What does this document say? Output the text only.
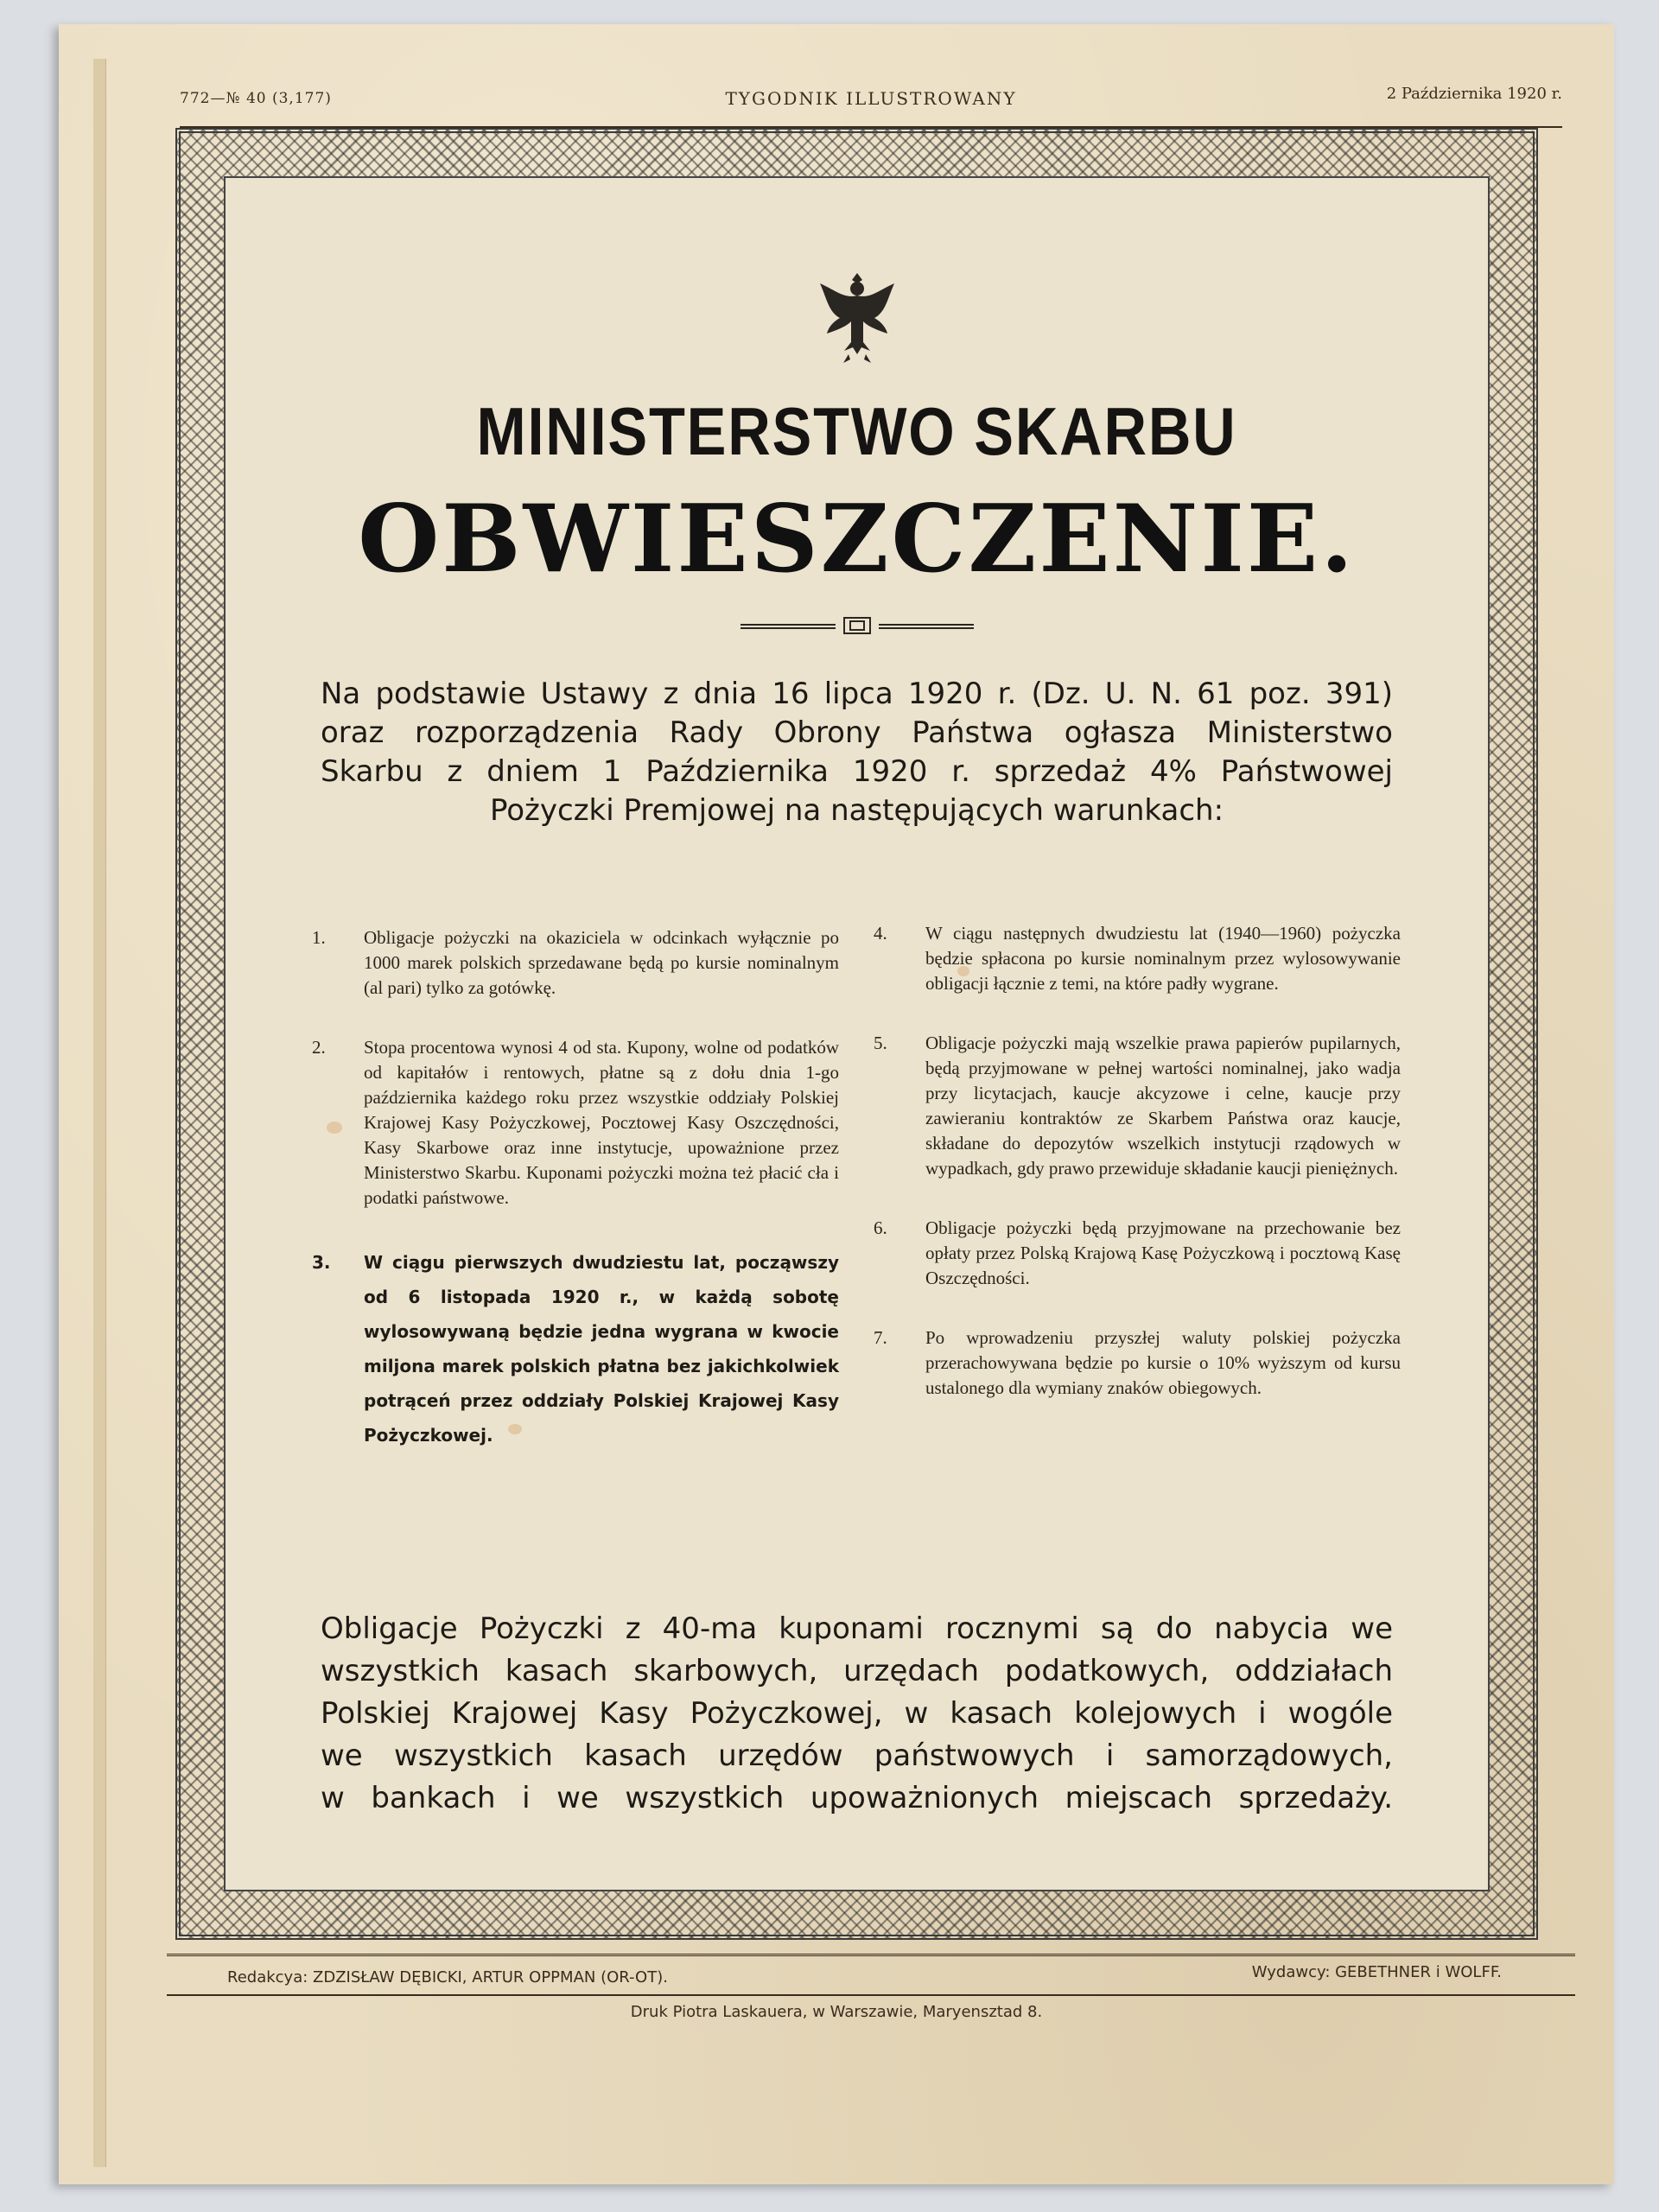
772—№ 40 (3,177)	TYGODNIK ILLUSTROWANY	2 Października 1920 r.
MINISTERSTWO SKARBU
OBWIESZCZENIE.
Na podstawie Ustawy z dnia 16 lipca 1920 r. (Dz. U. N. 61 poz. 391)
oraz rozporządzenia Rady Obrony Państwa ogłasza Ministerstwo
Skarbu z dniem 1 Października 1920 r. sprzedaż 4% Państwowej
Pożyczki Premjowej na następujących warunkach:
1.	Obligacje pożyczki na okaziciela w odcinkach wyłącznie po 1000 marek polskich sprzedawane będą po kursie nominalnym (al pari) tylko za gotówkę.
2.	Stopa procentowa wynosi 4 od sta. Kupony, wolne od podatków od kapitałów i rentowych, płatne są z dołu dnia 1-go października każdego roku przez wszystkie oddziały Polskiej Krajowej Kasy Pożyczkowej, Pocztowej Kasy Oszczędności, Kasy Skarbowe oraz inne instytucje, upoważnione przez Ministerstwo Skarbu. Kuponami pożyczki można też płacić cła i podatki państwowe.
3.	W ciągu pierwszych dwudziestu lat, począwszy od 6 listopada 1920 r., w każdą sobotę wylosowywaną będzie jedna wygrana w kwocie miljona marek polskich płatna bez jakichkolwiek potrąceń przez oddziały Polskiej Krajowej Kasy Pożyczkowej.
4.	W ciągu następnych dwudziestu lat (1940—1960) pożyczka będzie spłacona po kursie nominalnym przez wylosowywanie obligacji łącznie z temi, na które padły wygrane.
5.	Obligacje pożyczki mają wszelkie prawa papierów pupilarnych, będą przyjmowane w pełnej wartości nominalnej, jako wadja przy licytacjach, kaucje akcyzowe i celne, kaucje przy zawieraniu kontraktów ze Skarbem Państwa oraz kaucje, składane do depozytów wszelkich instytucji rządowych w wypadkach, gdy prawo przewiduje składanie kaucji pieniężnych.
6.	Obligacje pożyczki będą przyjmowane na przechowanie bez opłaty przez Polską Krajową Kasę Pożyczkową i pocztową Kasę Oszczędności.
7.	Po wprowadzeniu przyszłej waluty polskiej pożyczka przerachowywana będzie po kursie o 10% wyższym od kursu ustalonego dla wymiany znaków obiegowych.
Obligacje Pożyczki z 40-ma kuponami rocznymi są do nabycia we
wszystkich kasach skarbowych, urzędach podatkowych, oddziałach
Polskiej Krajowej Kasy Pożyczkowej, w kasach kolejowych i wogóle
we wszystkich kasach urzędów państwowych i samorządowych,
w bankach i we wszystkich upoważnionych miejscach sprzedaży.
Redakcya: ZDZISŁAW DĘBICKI, ARTUR OPPMAN (OR-OT).	Wydawcy: GEBETHNER i WOLFF.
Druk Piotra Laskauera, w Warszawie, Maryensztad 8.
